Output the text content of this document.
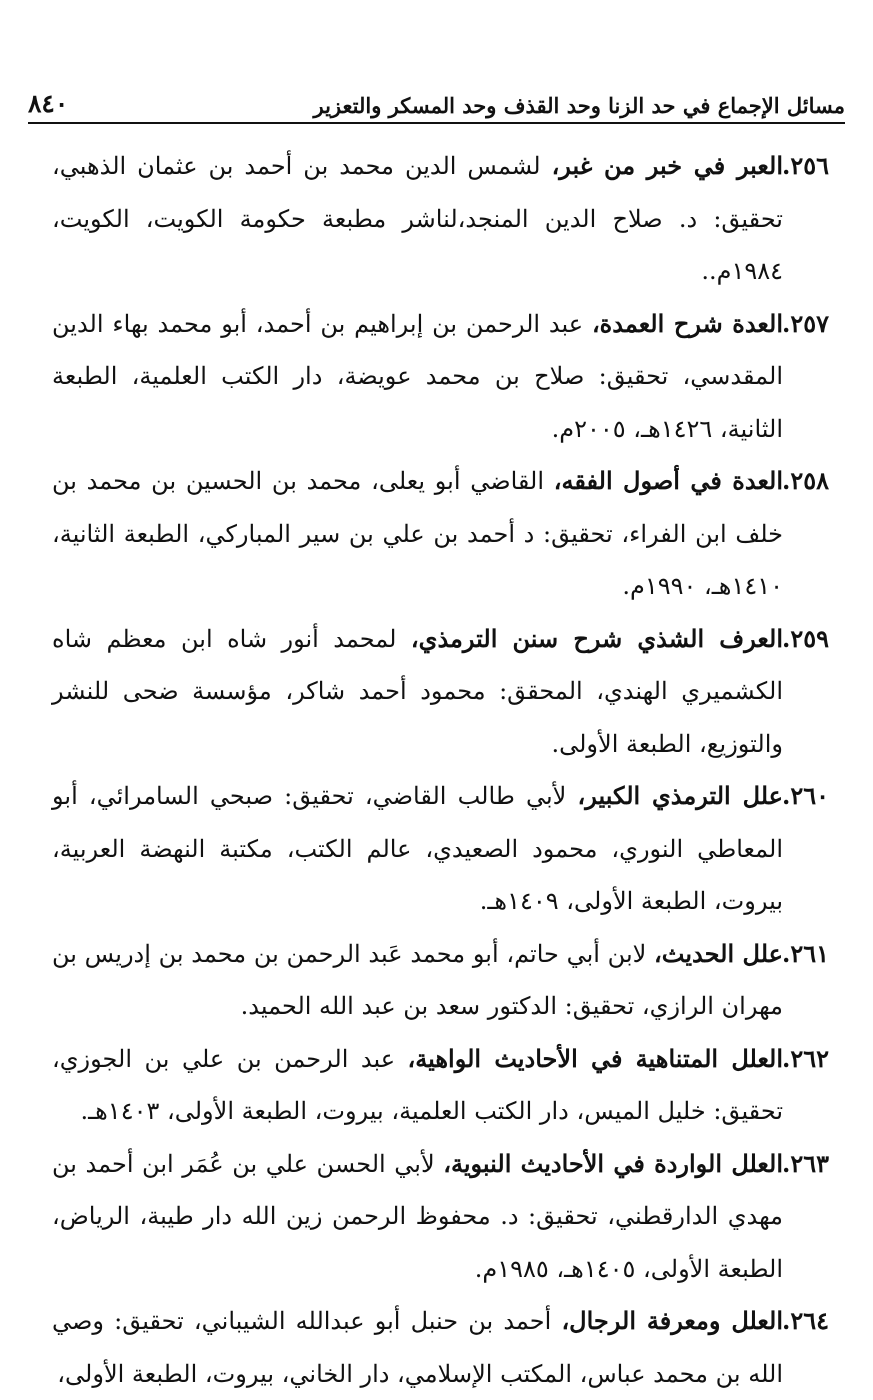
مسائل الإجماع في حد الزنا وحد القذف وحد المسكر والتعزير
٨٤٠

٢٥٦.
العبر في خبر من غبر، لشمس الدين محمد بن أحمد بن عثمان الذهبي، تحقيق: د. صلاح الدين المنجد،لناشر مطبعة حكومة الكويت، الكويت، ١٩٨٤م..

٢٥٧.
العدة شرح العمدة، عبد الرحمن بن إبراهيم بن أحمد، أبو محمد بهاء الدين المقدسي، تحقيق: صلاح بن محمد عويضة، دار الكتب العلمية، الطبعة الثانية، ١٤٢٦هـ، ٢٠٠٥م.

٢٥٨.
العدة في أصول الفقه، القاضي أبو يعلى، محمد بن الحسين بن محمد بن خلف ابن الفراء، تحقيق: د أحمد بن علي بن سير المباركي، الطبعة الثانية، ١٤١٠هـ، ١٩٩٠م.

٢٥٩.
العرف الشذي شرح سنن الترمذي، لمحمد أنور شاه ابن معظم شاه الكشميري الهندي، المحقق: محمود أحمد شاكر، مؤسسة ضحى للنشر والتوزيع، الطبعة الأولى.

٢٦٠.
علل الترمذي الكبير، لأبي طالب القاضي، تحقيق: صبحي السامرائي، أبو المعاطي النوري، محمود الصعيدي، عالم الكتب، مكتبة النهضة العربية، بيروت، الطبعة الأولى، ١٤٠٩هـ.

٢٦١.
علل الحديث، لابن أبي حاتم، أبو محمد عَبد الرحمن بن محمد بن إدريس بن مهران الرازي، تحقيق: الدكتور سعد بن عبد الله الحميد.

٢٦٢.
العلل المتناهية في الأحاديث الواهية، عبد الرحمن بن علي بن الجوزي، تحقيق: خليل الميس، دار الكتب العلمية، بيروت، الطبعة الأولى، ١٤٠٣هـ.

٢٦٣.
العلل الواردة في الأحاديث النبوية، لأبي الحسن علي بن عُمَر ابن أحمد بن مهدي الدارقطني، تحقيق: د. محفوظ الرحمن زين الله دار طيبة، الرياض، الطبعة الأولى، ١٤٠٥هـ، ١٩٨٥م.

٢٦٤.
العلل ومعرفة الرجال، أحمد بن حنبل أبو عبدالله الشيباني، تحقيق: وصي الله بن محمد عباس، المكتب الإسلامي، دار الخاني، بيروت، الطبعة الأولى،
